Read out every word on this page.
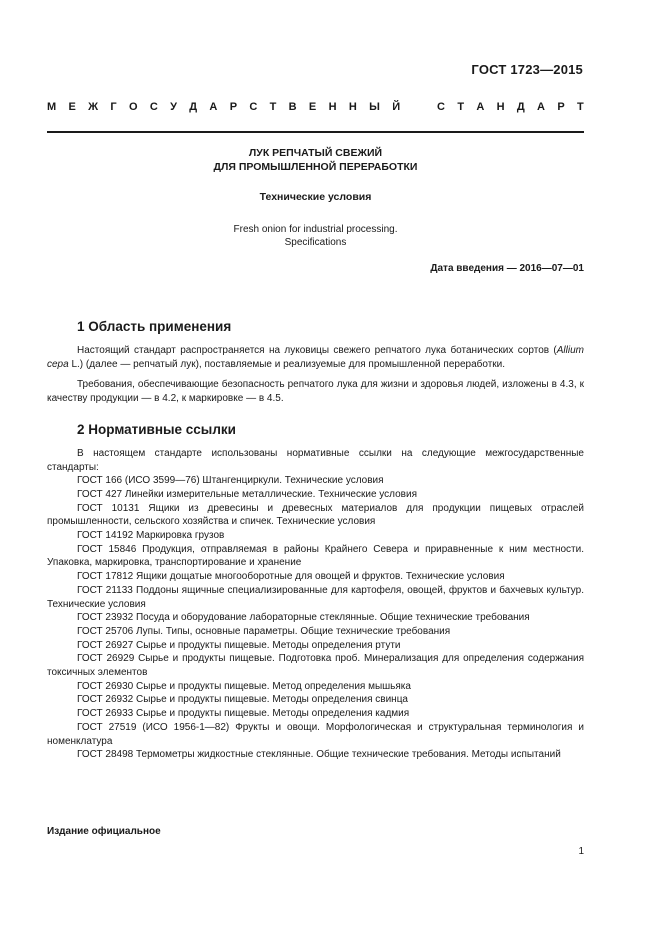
ГОСТ 1723—2015
М Е Ж Г О С У Д А Р С Т В Е Н Н Ы Й	С Т А Н Д А Р Т
ЛУК РЕПЧАТЫЙ СВЕЖИЙ
ДЛЯ ПРОМЫШЛЕННОЙ ПЕРЕРАБОТКИ
Технические условия
Fresh onion for industrial processing.
Specifications
Дата введения — 2016—07—01
1 Область применения

Настоящий стандарт распространяется на луковицы свежего репчатого лука ботанических сортов (Allium cepa L.) (далее — репчатый лук), поставляемые и реализуемые для промышленной переработки.

Требования, обеспечивающие безопасность репчатого лука для жизни и здоровья людей, изложены в 4.3, к качеству продукции — в 4.2, к маркировке — в 4.5.

2 Нормативные ссылки

В настоящем стандарте использованы нормативные ссылки на следующие межгосударственные стандарты:

ГОСТ 166 (ИСО 3599—76) Штангенциркули. Технические условия

ГОСТ 427 Линейки измерительные металлические. Технические условия

ГОСТ 10131 Ящики из древесины и древесных материалов для продукции пищевых отраслей промышленности, сельского хозяйства и спичек. Технические условия

ГОСТ 14192 Маркировка грузов

ГОСТ 15846 Продукция, отправляемая в районы Крайнего Севера и приравненные к ним местности. Упаковка, маркировка, транспортирование и хранение

ГОСТ 17812 Ящики дощатые многооборотные для овощей и фруктов. Технические условия

ГОСТ 21133 Поддоны ящичные специализированные для картофеля, овощей, фруктов и бахчевых культур. Технические условия

ГОСТ 23932 Посуда и оборудование лабораторные стеклянные. Общие технические требования

ГОСТ 25706 Лупы. Типы, основные параметры. Общие технические требования

ГОСТ 26927 Сырье и продукты пищевые. Методы определения ртути

ГОСТ 26929 Сырье и продукты пищевые. Подготовка проб. Минерализация для определения содержания токсичных элементов

ГОСТ 26930 Сырье и продукты пищевые. Метод определения мышьяка

ГОСТ 26932 Сырье и продукты пищевые. Методы определения свинца

ГОСТ 26933 Сырье и продукты пищевые. Методы определения кадмия

ГОСТ 27519 (ИСО 1956-1—82) Фрукты и овощи. Морфологическая и структуральная терминология и номенклатура

ГОСТ 28498 Термометры жидкостные стеклянные. Общие технические требования. Методы испытаний

Издание официальное
1
